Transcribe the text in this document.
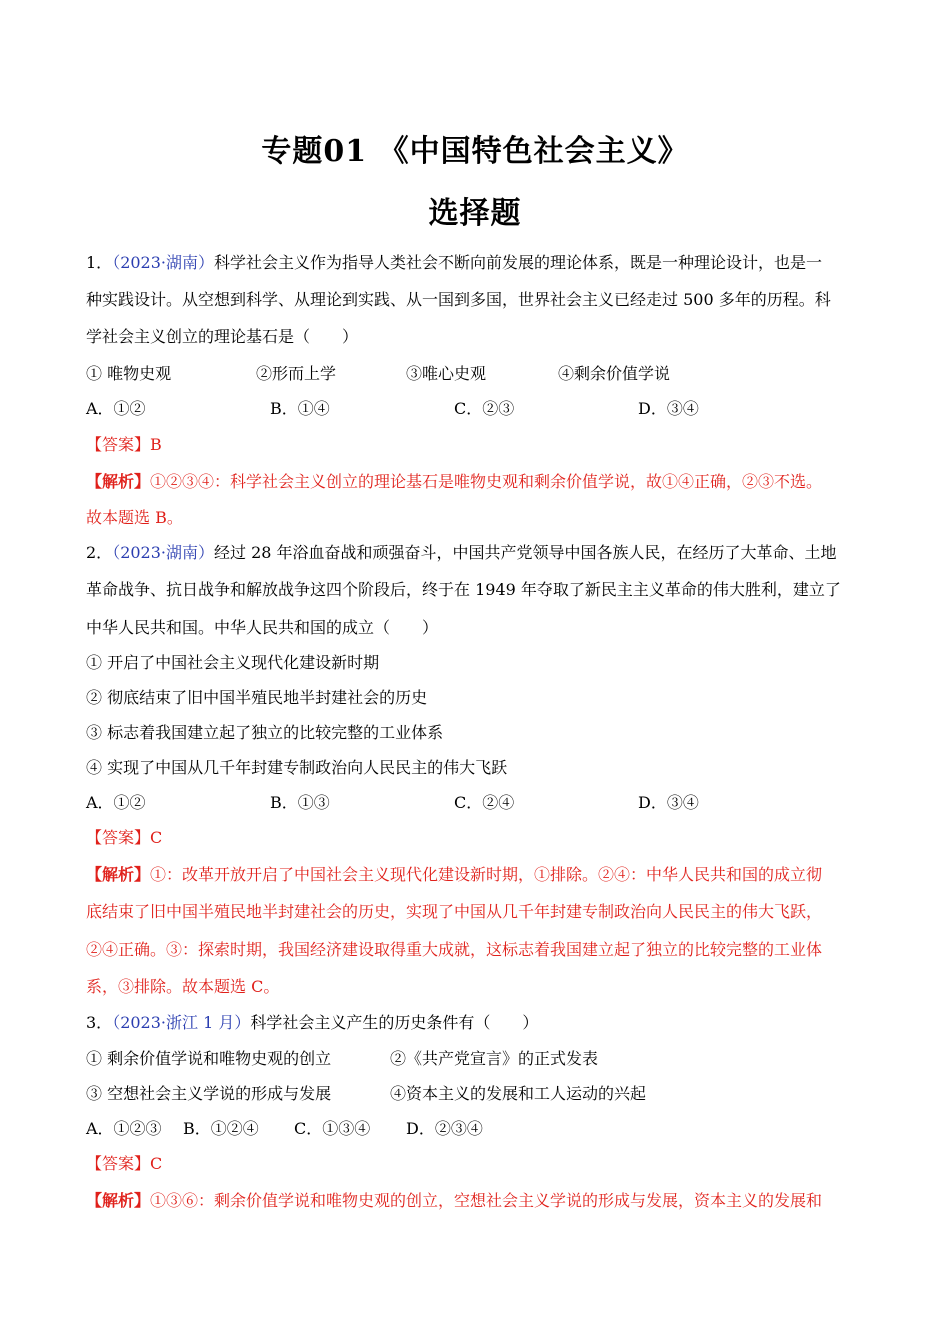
专题01 《中国特色社会主义》
选择题
1．（2023·湖南）科学社会主义作为指导人类社会不断向前发展的理论体系，既是一种理论设计，也是一
种实践设计。从空想到科学、从理论到实践、从一国到多国，世界社会主义已经走过 500 多年的历程。科
学社会主义创立的理论基石是（　　）
① 唯物史观	②形而上学	③唯心史观	④剩余价值学说
A．①②	B．①④	C．②③	D．③④
【答案】B
【解析】①②③④：科学社会主义创立的理论基石是唯物史观和剩余价值学说，故①④正确，②③不选。
故本题选 B。
2．（2023·湖南）经过 28 年浴血奋战和顽强奋斗，中国共产党领导中国各族人民，在经历了大革命、土地
革命战争、抗日战争和解放战争这四个阶段后，终于在 1949 年夺取了新民主主义革命的伟大胜利，建立了
中华人民共和国。中华人民共和国的成立（　　）
① 开启了中国社会主义现代化建设新时期
② 彻底结束了旧中国半殖民地半封建社会的历史
③ 标志着我国建立起了独立的比较完整的工业体系
④ 实现了中国从几千年封建专制政治向人民民主的伟大飞跃
A．①②	B．①③	C．②④	D．③④
【答案】C
【解析】①：改革开放开启了中国社会主义现代化建设新时期，①排除。②④：中华人民共和国的成立彻
底结束了旧中国半殖民地半封建社会的历史，实现了中国从几千年封建专制政治向人民民主的伟大飞跃，
②④正确。③：探索时期，我国经济建设取得重大成就，这标志着我国建立起了独立的比较完整的工业体
系，③排除。故本题选 C。
3．（2023·浙江 1 月）科学社会主义产生的历史条件有（　　）
① 剩余价值学说和唯物史观的创立	②《共产党宣言》的正式发表
③ 空想社会主义学说的形成与发展	④资本主义的发展和工人运动的兴起
A．①②③ B．①②④ C．①③④ D．②③④
【答案】C
【解析】①③⑥：剩余价值学说和唯物史观的创立，空想社会主义学说的形成与发展，资本主义的发展和
